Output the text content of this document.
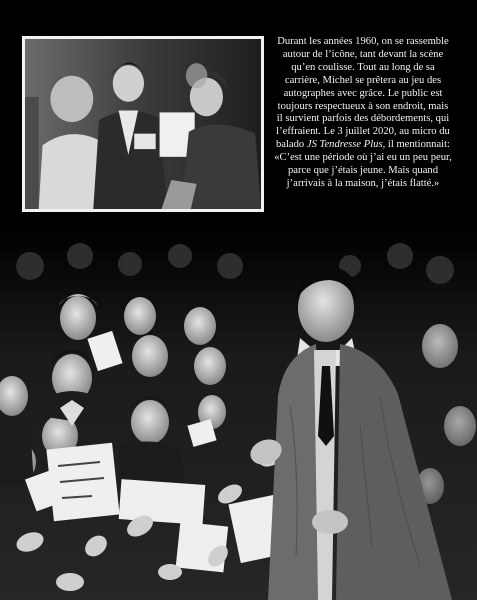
Durant les années 1960, on se rassemble autour de l’icône, tant devant la scène qu’en coulisse. Tout au long de sa carrière, Michel se prêtera au jeu des autographes avec grâce. Le public est toujours respectueux à son endroit, mais il survient parfois des débordements, qui l’effraient. Le 3 juillet 2020, au micro du balado JS Tendresse Plus, il mentionnait: «C’est une période où j’ai eu un peu peur, parce que j’étais jeune. Mais quand j’arrivais à la maison, j’étais flatté.»
